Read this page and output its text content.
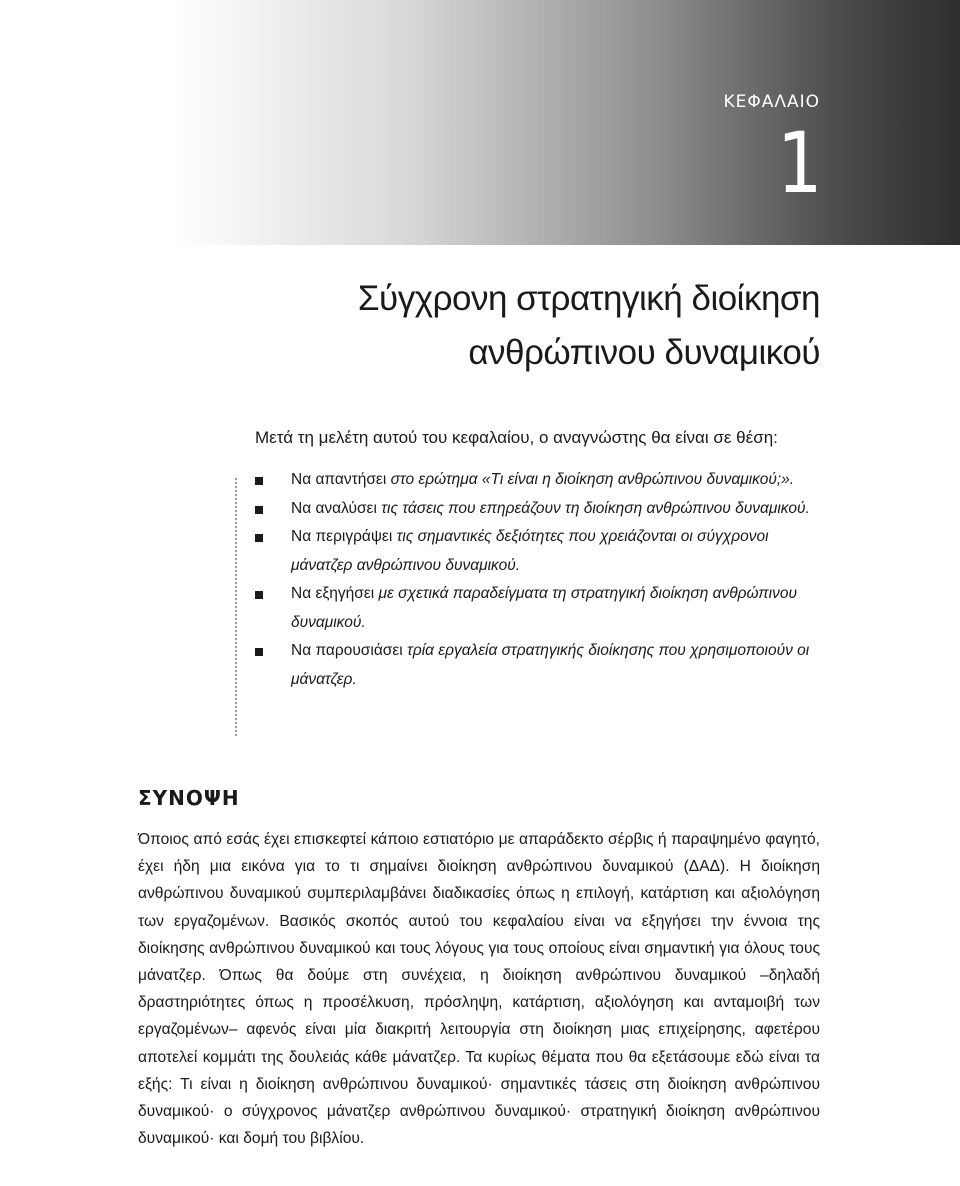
ΚΕΦΑΛΑΙΟ
1
Σύγχρονη στρατηγική διοίκηση
ανθρώπινου δυναμικού
Μετά τη μελέτη αυτού του κεφαλαίου, ο αναγνώστης θα είναι σε θέση:
Να απαντήσει στο ερώτημα «Τι είναι η διοίκηση ανθρώπινου δυναμικού;».
Να αναλύσει τις τάσεις που επηρεάζουν τη διοίκηση ανθρώπινου δυναμικού.
Να περιγράψει τις σημαντικές δεξιότητες που χρειάζονται οι σύγχρονοι μάνατζερ ανθρώπινου δυναμικού.
Να εξηγήσει με σχετικά παραδείγματα τη στρατηγική διοίκηση ανθρώπινου δυναμικού.
Να παρουσιάσει τρία εργαλεία στρατηγικής διοίκησης που χρησιμοποιούν οι μάνατζερ.
ΣΥΝΟΨΗ

Όποιος από εσάς έχει επισκεφτεί κάποιο εστιατόριο με απαράδεκτο σέρβις ή παραψημένο φαγητό, έχει ήδη μια εικόνα για το τι σημαίνει διοίκηση ανθρώπινου δυναμικού (ΔΑΔ). Η διοίκηση ανθρώπινου δυναμικού συμπεριλαμβάνει διαδικασίες όπως η επιλογή, κατάρτιση και αξιολόγηση των εργαζομένων. Βασικός σκοπός αυτού του κεφαλαίου είναι να εξηγήσει την έννοια της διοίκησης ανθρώπινου δυναμικού και τους λόγους για τους οποίους είναι σημαντική για όλους τους μάνατζερ. Όπως θα δούμε στη συνέχεια, η διοίκηση ανθρώπινου δυναμικού –δηλαδή δραστηριότητες όπως η προσέλκυση, πρόσληψη, κατάρτιση, αξιολόγηση και ανταμοιβή των εργαζομένων– αφενός είναι μία διακριτή λειτουργία στη διοίκηση μιας επιχείρησης, αφετέρου αποτελεί κομμάτι της δουλειάς κάθε μάνατζερ. Τα κυρίως θέματα που θα εξετάσουμε εδώ είναι τα εξής: Τι είναι η διοίκηση ανθρώπινου δυναμικού· σημαντικές τάσεις στη διοίκηση ανθρώπινου δυναμικού· ο σύγχρονος μάνατζερ ανθρώπινου δυναμικού· στρατηγική διοίκηση ανθρώπινου δυναμικού· και δομή του βιβλίου.
